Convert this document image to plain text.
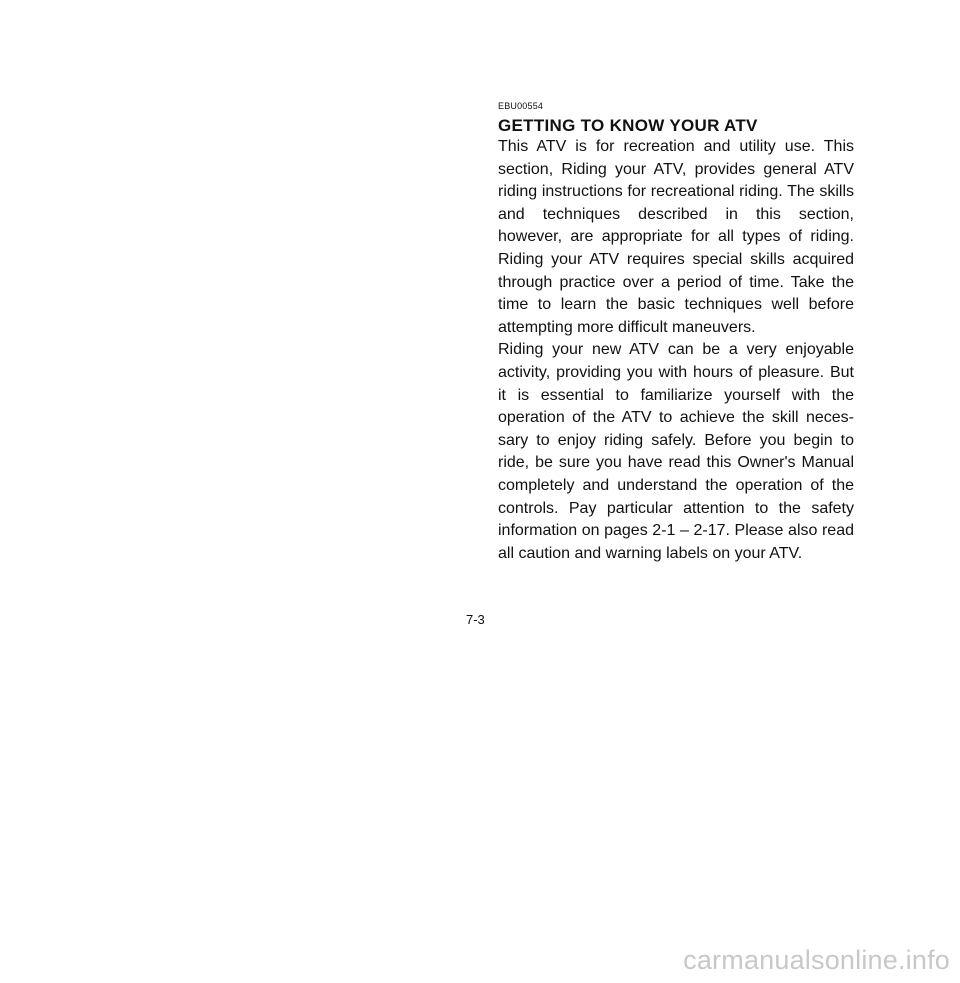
EBU00554
GETTING TO KNOW YOUR ATV

This ATV is for recreation and utility use. This section, Riding your ATV, provides general ATV riding instructions for recreational riding. The skills and techniques described in this section, however, are appropriate for all types of riding. Riding your ATV requires special skills acquired through practice over a period of time. Take the time to learn the basic techniques well before attempting more difficult maneuvers.

Riding your new ATV can be a very enjoyable activity, providing you with hours of pleasure. But it is essential to familiarize yourself with the operation of the ATV to achieve the skill neces-sary to enjoy riding safely. Before you begin to ride, be sure you have read this Owner's Manual completely and understand the operation of the controls. Pay particular attention to the safety information on pages 2-1 – 2-17. Please also read all caution and warning labels on your ATV.

7-3
carmanualsonline.info
